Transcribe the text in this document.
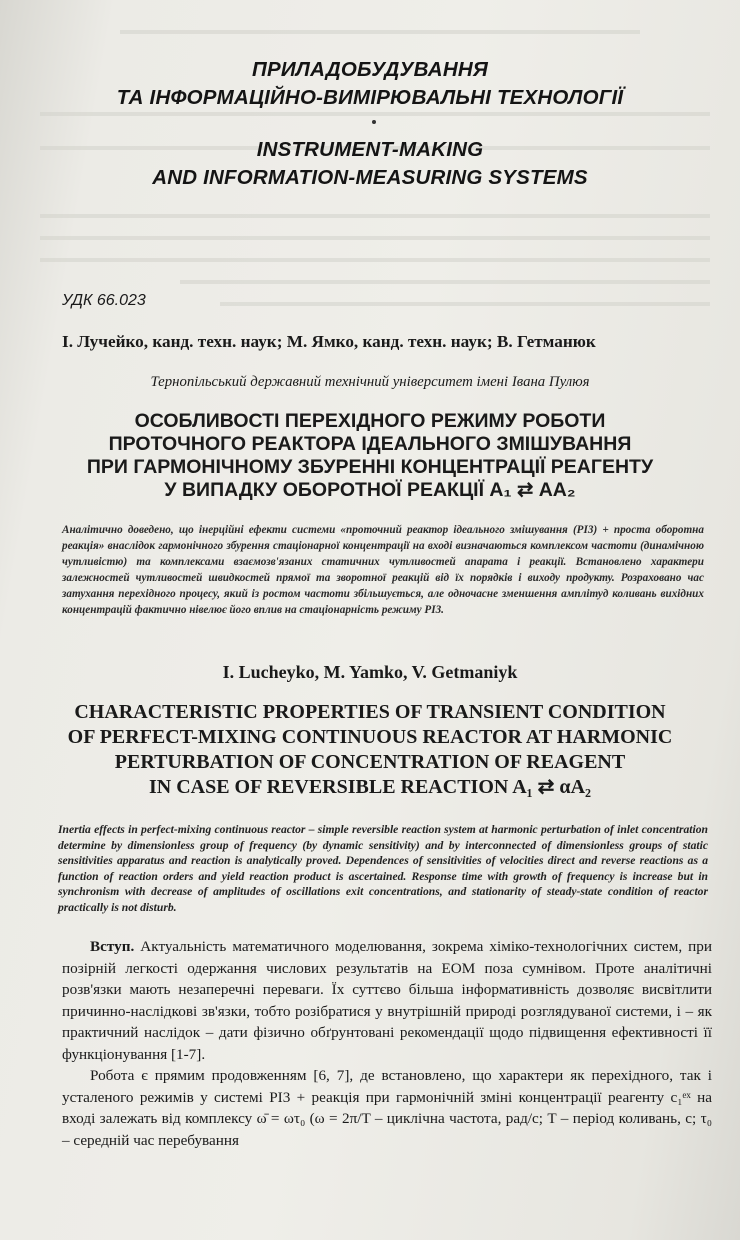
ПРИЛАДОБУДУВАННЯ
ТА ІНФОРМАЦІЙНО-ВИМІРЮВАЛЬНІ ТЕХНОЛОГІЇ
INSTRUMENT-MAKING
AND INFORMATION-MEASURING SYSTEMS
УДК 66.023
І. Лучейко, канд. техн. наук; М. Ямко, канд. техн. наук; В. Гетманюк
Тернопільський державний технічний університет імені Івана Пулюя
ОСОБЛИВОСТІ ПЕРЕХІДНОГО РЕЖИМУ РОБОТИ
ПРОТОЧНОГО РЕАКТОРА ІДЕАЛЬНОГО ЗМІШУВАННЯ
ПРИ ГАРМОНІЧНОМУ ЗБУРЕННІ КОНЦЕНТРАЦІЇ РЕАГЕНТУ
У ВИПАДКУ ОБОРОТНОЇ РЕАКЦІЇ A₁ ⇄ ΑA₂
Аналітично доведено, що інерційні ефекти системи «проточний реактор ідеального змішування (PI3) + проста оборотна реакція» внаслідок гармонічного збурення стаціонарної концентрації на вході визначаються комплексом частоти (динамічною чутливістю) та комплексами взаємозв'язаних статичних чутливостей апарата і реакції. Встановлено характери залежностей чутливостей швидкостей прямої та зворотної реакцій від їх порядків і виходу продукту. Розраховано час затухання перехідного процесу, який із ростом частоти збільшується, але одночасне зменшення амплітуд коливань вихідних концентрацій фактично нівелює його вплив на стаціонарність режиму PI3.
I. Lucheyko, M. Yamko, V. Getmaniyk
CHARACTERISTIC PROPERTIES OF TRANSIENT CONDITION
OF PERFECT-MIXING CONTINUOUS REACTOR AT HARMONIC
PERTURBATION OF CONCENTRATION OF REAGENT
IN CASE OF REVERSIBLE REACTION A₁ ⇄ αA₂
Inertia effects in perfect-mixing continuous reactor – simple reversible reaction system at harmonic perturbation of inlet concentration determine by dimensionless group of frequency (by dynamic sensitivity) and by interconnected of dimensionless groups of static sensitivities apparatus and reaction is analytically proved. Dependences of sensitivities of velocities direct and reverse reactions as a function of reaction orders and yield reaction product is ascertained. Response time with growth of frequency is increase but in synchronism with decrease of amplitudes of oscillations exit concentrations, and stationarity of steady-state condition of reactor practically is not disturb.

Вступ. Актуальність математичного моделювання, зокрема хіміко-технологічних систем, при позірній легкості одержання числових результатів на ЕОМ поза сумнівом. Проте аналітичні розв'язки мають незаперечні переваги. Їх суттєво більша інформативність дозволяє висвітлити причинно-наслідкові зв'язки, тобто розібратися у внутрішній природі розглядуваної системи, і – як практичний наслідок – дати фізично обґрунтовані рекомендації щодо підвищення ефективності її функціонування [1-7].

Робота є прямим продовженням [6, 7], де встановлено, що характери як перехідного, так і усталеного режимів у системі PI3 + реакція при гармонічній зміні концентрації реагенту c₁ᵉˣ на вході залежать від комплексу ω̄ = ωτ₀ (ω = 2π/T – циклічна частота, рад/с; T – період коливань, с; τ₀ – середній час перебування
